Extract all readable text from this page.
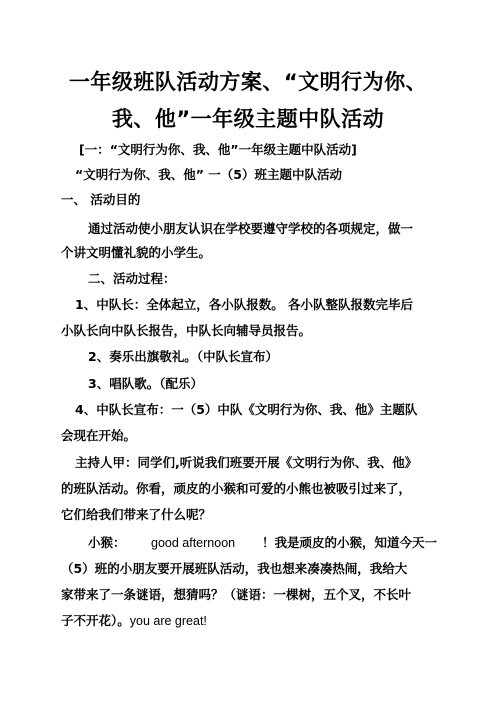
一年级班队活动方案、“文明行为你、
我、他”一年级主题中队活动
[一：“文明行为你、我、他”一年级主题中队活动]
“文明行为你、我、他” 一（5）班主题中队活动
一、 活动目的
通过活动使小朋友认识在学校要遵守学校的各项规定，做一
个讲文明懂礼貌的小学生。
二、活动过程：
1、中队长：全体起立，各小队报数。 各小队整队报数完毕后
小队长向中队长报告，中队长向辅导员报告。
2、奏乐出旗敬礼。（中队长宣布）
3、唱队歌。（配乐）
4、中队长宣布：一（5）中队《文明行为你、我、他》主题队
会现在开始。
主持人甲：同学们,听说我们班要开展《文明行为你、我、他》
的班队活动。你看，顽皮的小猴和可爱的小熊也被吸引过来了，
它们给我们带来了什么呢？
小猴： good afternoon ！我是顽皮的小猴，知道今天一
（5）班的小朋友要开展班队活动，我也想来凑凑热闹，我给大
家带来了一条谜语，想猜吗？（谜语：一棵树，五个叉，不长叶
子不开花）。you are great!
